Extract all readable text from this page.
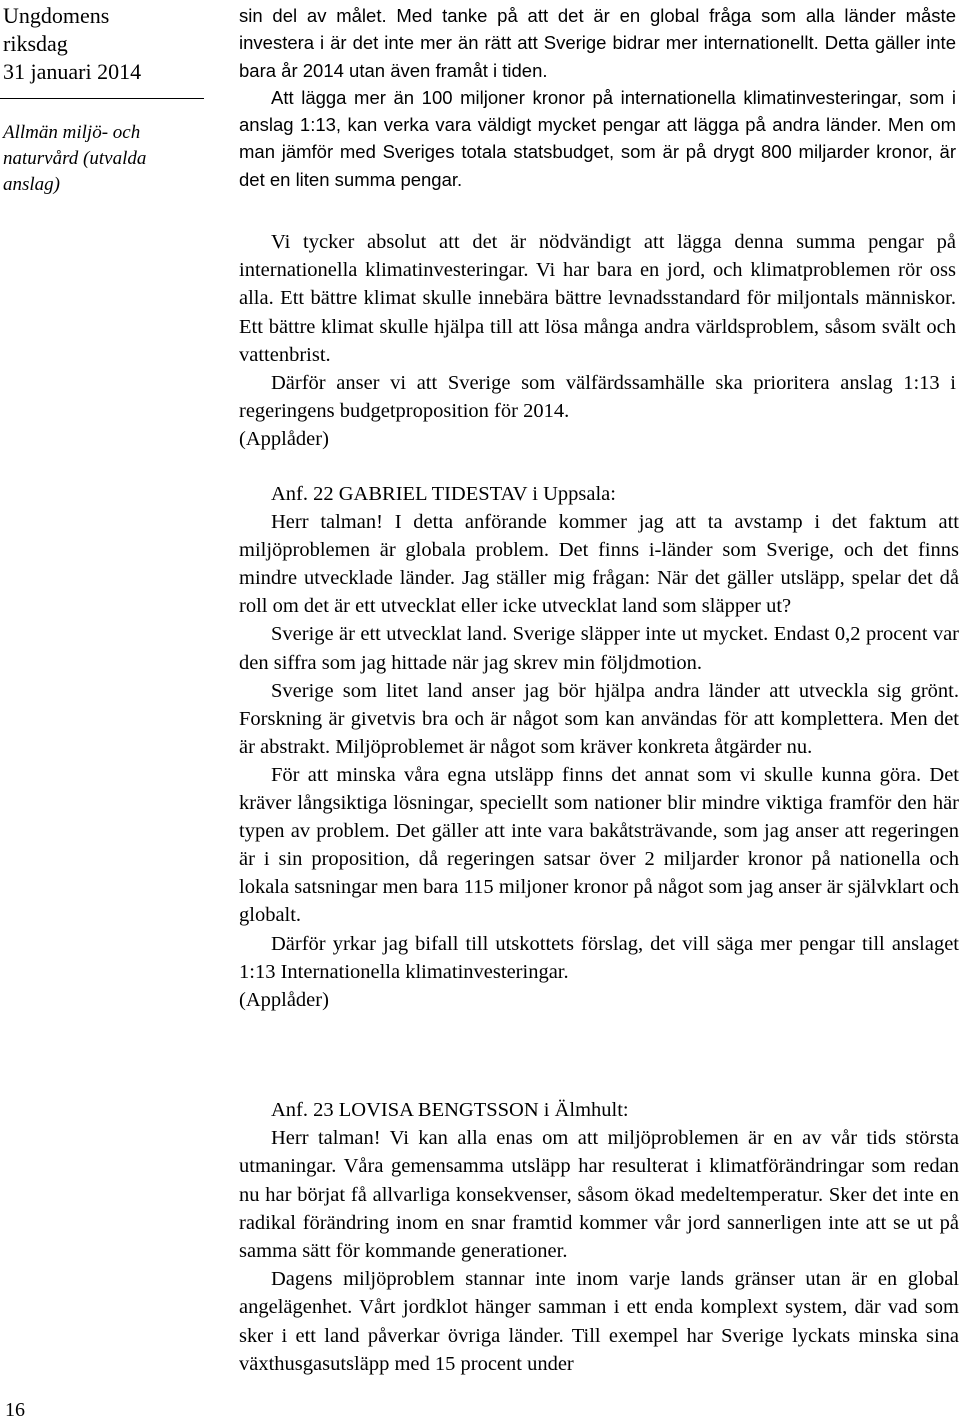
Ungdomens
riksdag
31 januari 2014
Allmän miljö- och
naturvård (utvalda
anslag)
16

sin del av målet. Med tanke på att det är en global fråga som alla länder måste investera i är det inte mer än rätt att Sverige bidrar mer internationellt. Detta gäller inte bara år 2014 utan även framåt i tiden.

Att lägga mer än 100 miljoner kronor på internationella klimatinvesteringar, som i anslag 1:13, kan verka vara väldigt mycket pengar att lägga på andra länder. Men om man jämför med Sveriges totala statsbudget, som är på drygt 800 miljarder kronor, är det en liten summa pengar.

Vi tycker absolut att det är nödvändigt att lägga denna summa pengar på internationella klimatinvesteringar. Vi har bara en jord, och klimatproblemen rör oss alla. Ett bättre klimat skulle innebära bättre levnadsstandard för miljontals människor. Ett bättre klimat skulle hjälpa till att lösa många andra världsproblem, såsom svält och vattenbrist.

Därför anser vi att Sverige som välfärdssamhälle ska prioritera anslag 1:13 i regeringens budgetproposition för 2014.

(Applåder)

Anf. 22 GABRIEL TIDESTAV i Uppsala:

Herr talman! I detta anförande kommer jag att ta avstamp i det faktum att miljöproblemen är globala problem. Det finns i-länder som Sverige, och det finns mindre utvecklade länder. Jag ställer mig frågan: När det gäller utsläpp, spelar det då roll om det är ett utvecklat eller icke utvecklat land som släpper ut?

Sverige är ett utvecklat land. Sverige släpper inte ut mycket. Endast 0,2 procent var den siffra som jag hittade när jag skrev min följdmotion.

Sverige som litet land anser jag bör hjälpa andra länder att utveckla sig grönt. Forskning är givetvis bra och är något som kan användas för att komplettera. Men det är abstrakt. Miljöproblemet är något som kräver konkreta åtgärder nu.

För att minska våra egna utsläpp finns det annat som vi skulle kunna göra. Det kräver långsiktiga lösningar, speciellt som nationer blir mindre viktiga framför den här typen av problem. Det gäller att inte vara bakåtsträvande, som jag anser att regeringen är i sin proposition, då regeringen satsar över 2 miljarder kronor på nationella och lokala satsningar men bara 115 miljoner kronor på något som jag anser är självklart och globalt.

Därför yrkar jag bifall till utskottets förslag, det vill säga mer pengar till anslaget 1:13 Internationella klimatinvesteringar.

(Applåder)

Anf. 23 LOVISA BENGTSSON i Älmhult:

Herr talman! Vi kan alla enas om att miljöproblemen är en av vår tids största utmaningar. Våra gemensamma utsläpp har resulterat i klimatförändringar som redan nu har börjat få allvarliga konsekvenser, såsom ökad medeltemperatur. Sker det inte en radikal förändring inom en snar framtid kommer vår jord sannerligen inte att se ut på samma sätt för kommande generationer.

Dagens miljöproblem stannar inte inom varje lands gränser utan är en global angelägenhet. Vårt jordklot hänger samman i ett enda komplext system, där vad som sker i ett land påverkar övriga länder. Till exempel har Sverige lyckats minska sina växthusgasutsläpp med 15 procent under
